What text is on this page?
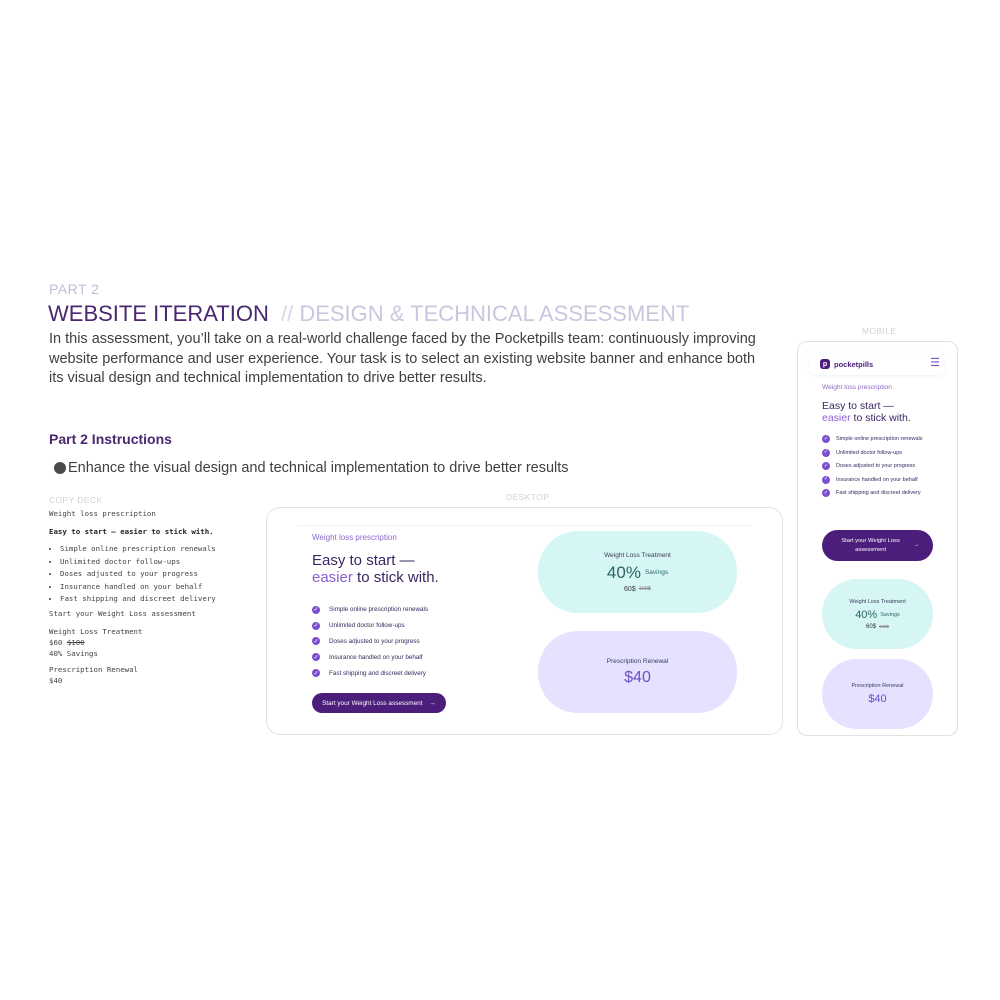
PART 2
WEBSITE ITERATION // DESIGN & TECHNICAL ASSESSMENT
In this assessment, you’ll take on a real-world challenge faced by the Pocketpills team: continuously improving website performance and user experience. Your task is to select an existing website banner and enhance both its visual design and technical implementation to drive better results.
Part 2 Instructions
Enhance the visual design and technical implementation to drive better results
COPY DECK

Weight loss prescription

Easy to start – easier to stick with.

• Simple online prescription renewals
• Unlimited doctor follow-ups
• Doses adjusted to your progress
• Insurance handled on your behalf
• Fast shipping and discreet delivery

Start your Weight Loss assessment

Weight Loss Treatment

$60 $100

40% Savings

Prescription Renewal

$40

DESKTOP
Weight loss prescription
Easy to start —
easier to stick with.
✓ Simple online prescription renewals
✓ Unlimited doctor follow-ups
✓ Doses adjusted to your progress
✓ Insurance handled on your behalf
✓ Fast shipping and discreet delivery
Start your Weight Loss assessment →
Weight Loss Treatment
40% Savings
60$ 100$
Prescription Renewal
$40
MOBILE
p pocketpills	☰
Weight loss prescription
Easy to start —
easier to stick with.
✓	Simple online prescription renewals
✓	Unlimited doctor follow-ups
✓	Doses adjusted to your progress
✓	Insurance handled on your behalf
✓	Fast shipping and discreet delivery
Start your Weight Loss assessment
→
Weight Loss Treatment
40% Savings
60$ 100$
Prescription Renewal
$40
